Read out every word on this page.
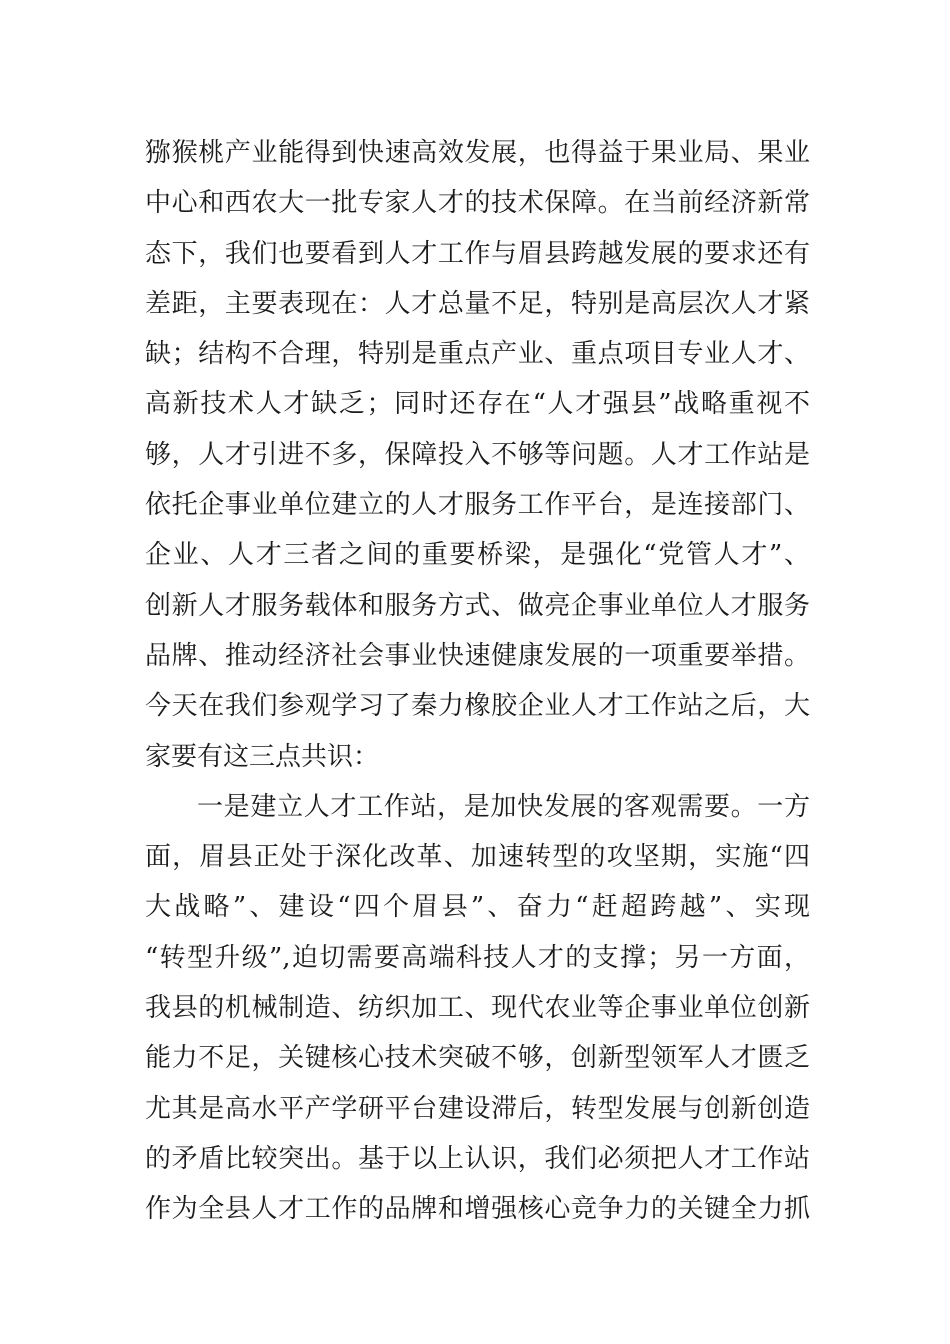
猕猴桃产业能得到快速高效发展，也得益于果业局、果业
中心和西农大一批专家人才的技术保障。在当前经济新常
态下，我们也要看到人才工作与眉县跨越发展的要求还有
差距，主要表现在：人才总量不足，特别是高层次人才紧
缺；结构不合理，特别是重点产业、重点项目专业人才、
高新技术人才缺乏；同时还存在“人才强县”战略重视不
够，人才引进不多，保障投入不够等问题。人才工作站是
依托企事业单位建立的人才服务工作平台，是连接部门、
企业、人才三者之间的重要桥梁，是强化“党管人才”、
创新人才服务载体和服务方式、做亮企事业单位人才服务
品牌、推动经济社会事业快速健康发展的一项重要举措。
今天在我们参观学习了秦力橡胶企业人才工作站之后，大
家要有这三点共识：
一是建立人才工作站，是加快发展的客观需要。一方
面，眉县正处于深化改革、加速转型的攻坚期，实施“四
大战略”、建设“四个眉县”、奋力“赶超跨越”、实现
“转型升级”,迫切需要高端科技人才的支撑；另一方面，
我县的机械制造、纺织加工、现代农业等企事业单位创新
能力不足，关键核心技术突破不够，创新型领军人才匮乏
尤其是高水平产学研平台建设滞后，转型发展与创新创造
的矛盾比较突出。基于以上认识，我们必须把人才工作站
作为全县人才工作的品牌和增强核心竞争力的关键全力抓
